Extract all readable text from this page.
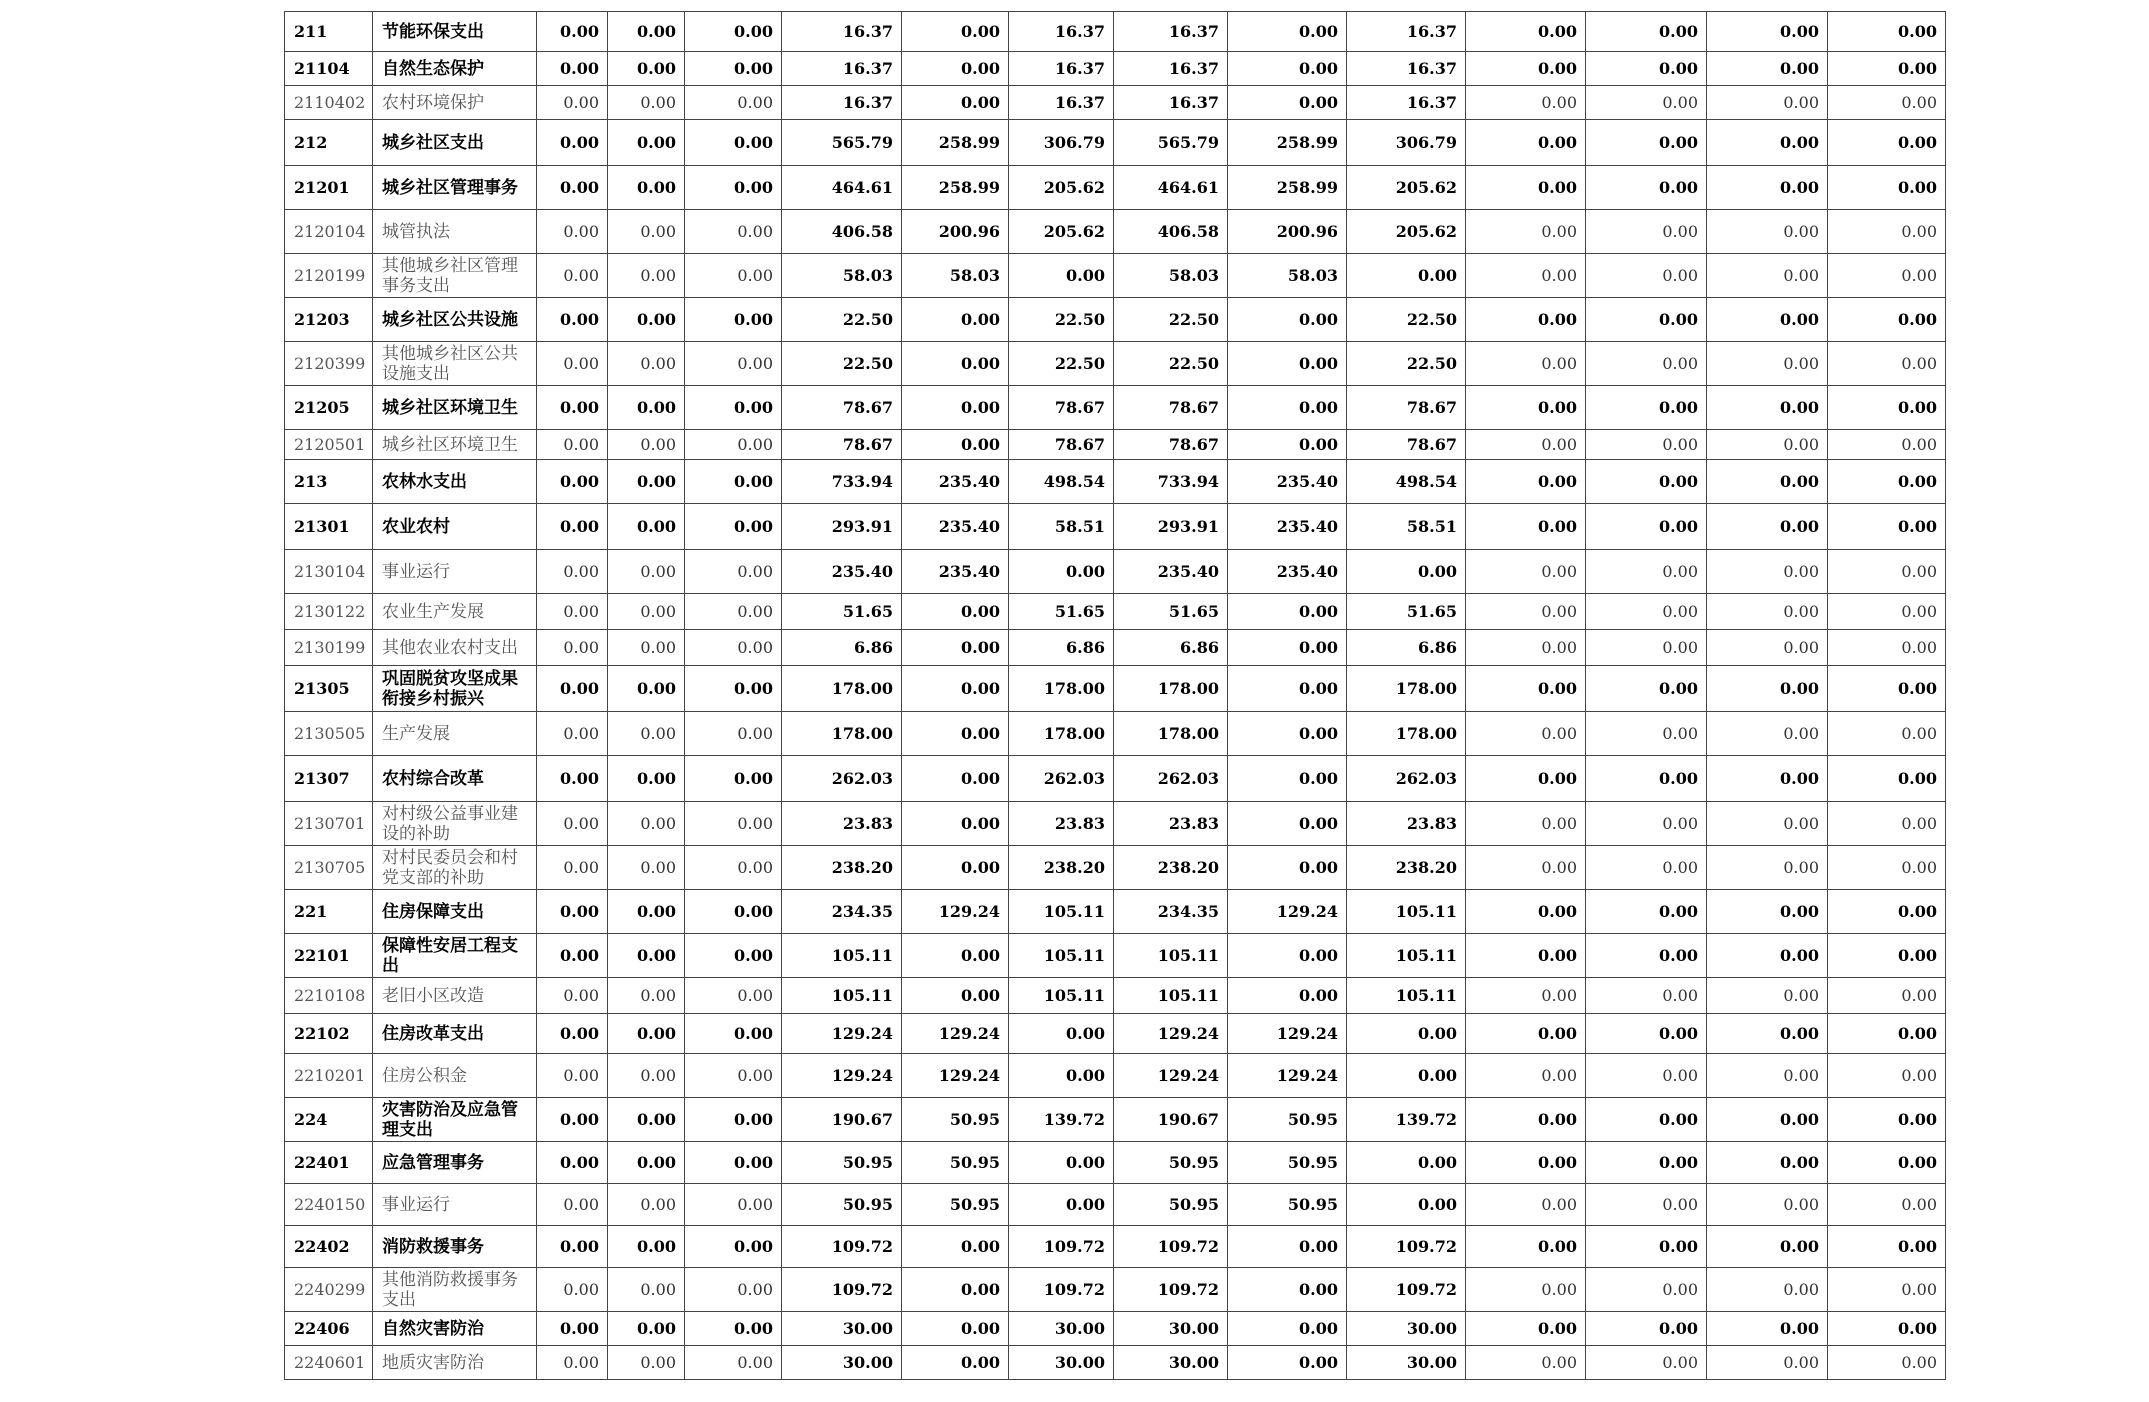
211	节能环保支出	0.00	0.00	0.00	16.37	0.00	16.37	16.37	0.00	16.37	0.00	0.00	0.00	0.00
21104	自然生态保护	0.00	0.00	0.00	16.37	0.00	16.37	16.37	0.00	16.37	0.00	0.00	0.00	0.00
2110402	农村环境保护	0.00	0.00	0.00	16.37	0.00	16.37	16.37	0.00	16.37	0.00	0.00	0.00	0.00
212	城乡社区支出	0.00	0.00	0.00	565.79	258.99	306.79	565.79	258.99	306.79	0.00	0.00	0.00	0.00
21201	城乡社区管理事务	0.00	0.00	0.00	464.61	258.99	205.62	464.61	258.99	205.62	0.00	0.00	0.00	0.00
2120104	城管执法	0.00	0.00	0.00	406.58	200.96	205.62	406.58	200.96	205.62	0.00	0.00	0.00	0.00
2120199	其他城乡社区管理事务支出	0.00	0.00	0.00	58.03	58.03	0.00	58.03	58.03	0.00	0.00	0.00	0.00	0.00
21203	城乡社区公共设施	0.00	0.00	0.00	22.50	0.00	22.50	22.50	0.00	22.50	0.00	0.00	0.00	0.00
2120399	其他城乡社区公共设施支出	0.00	0.00	0.00	22.50	0.00	22.50	22.50	0.00	22.50	0.00	0.00	0.00	0.00
21205	城乡社区环境卫生	0.00	0.00	0.00	78.67	0.00	78.67	78.67	0.00	78.67	0.00	0.00	0.00	0.00
2120501	城乡社区环境卫生	0.00	0.00	0.00	78.67	0.00	78.67	78.67	0.00	78.67	0.00	0.00	0.00	0.00
213	农林水支出	0.00	0.00	0.00	733.94	235.40	498.54	733.94	235.40	498.54	0.00	0.00	0.00	0.00
21301	农业农村	0.00	0.00	0.00	293.91	235.40	58.51	293.91	235.40	58.51	0.00	0.00	0.00	0.00
2130104	事业运行	0.00	0.00	0.00	235.40	235.40	0.00	235.40	235.40	0.00	0.00	0.00	0.00	0.00
2130122	农业生产发展	0.00	0.00	0.00	51.65	0.00	51.65	51.65	0.00	51.65	0.00	0.00	0.00	0.00
2130199	其他农业农村支出	0.00	0.00	0.00	6.86	0.00	6.86	6.86	0.00	6.86	0.00	0.00	0.00	0.00
21305	巩固脱贫攻坚成果衔接乡村振兴	0.00	0.00	0.00	178.00	0.00	178.00	178.00	0.00	178.00	0.00	0.00	0.00	0.00
2130505	生产发展	0.00	0.00	0.00	178.00	0.00	178.00	178.00	0.00	178.00	0.00	0.00	0.00	0.00
21307	农村综合改革	0.00	0.00	0.00	262.03	0.00	262.03	262.03	0.00	262.03	0.00	0.00	0.00	0.00
2130701	对村级公益事业建设的补助	0.00	0.00	0.00	23.83	0.00	23.83	23.83	0.00	23.83	0.00	0.00	0.00	0.00
2130705	对村民委员会和村党支部的补助	0.00	0.00	0.00	238.20	0.00	238.20	238.20	0.00	238.20	0.00	0.00	0.00	0.00
221	住房保障支出	0.00	0.00	0.00	234.35	129.24	105.11	234.35	129.24	105.11	0.00	0.00	0.00	0.00
22101	保障性安居工程支出	0.00	0.00	0.00	105.11	0.00	105.11	105.11	0.00	105.11	0.00	0.00	0.00	0.00
2210108	老旧小区改造	0.00	0.00	0.00	105.11	0.00	105.11	105.11	0.00	105.11	0.00	0.00	0.00	0.00
22102	住房改革支出	0.00	0.00	0.00	129.24	129.24	0.00	129.24	129.24	0.00	0.00	0.00	0.00	0.00
2210201	住房公积金	0.00	0.00	0.00	129.24	129.24	0.00	129.24	129.24	0.00	0.00	0.00	0.00	0.00
224	灾害防治及应急管理支出	0.00	0.00	0.00	190.67	50.95	139.72	190.67	50.95	139.72	0.00	0.00	0.00	0.00
22401	应急管理事务	0.00	0.00	0.00	50.95	50.95	0.00	50.95	50.95	0.00	0.00	0.00	0.00	0.00
2240150	事业运行	0.00	0.00	0.00	50.95	50.95	0.00	50.95	50.95	0.00	0.00	0.00	0.00	0.00
22402	消防救援事务	0.00	0.00	0.00	109.72	0.00	109.72	109.72	0.00	109.72	0.00	0.00	0.00	0.00
2240299	其他消防救援事务支出	0.00	0.00	0.00	109.72	0.00	109.72	109.72	0.00	109.72	0.00	0.00	0.00	0.00
22406	自然灾害防治	0.00	0.00	0.00	30.00	0.00	30.00	30.00	0.00	30.00	0.00	0.00	0.00	0.00
2240601	地质灾害防治	0.00	0.00	0.00	30.00	0.00	30.00	30.00	0.00	30.00	0.00	0.00	0.00	0.00
